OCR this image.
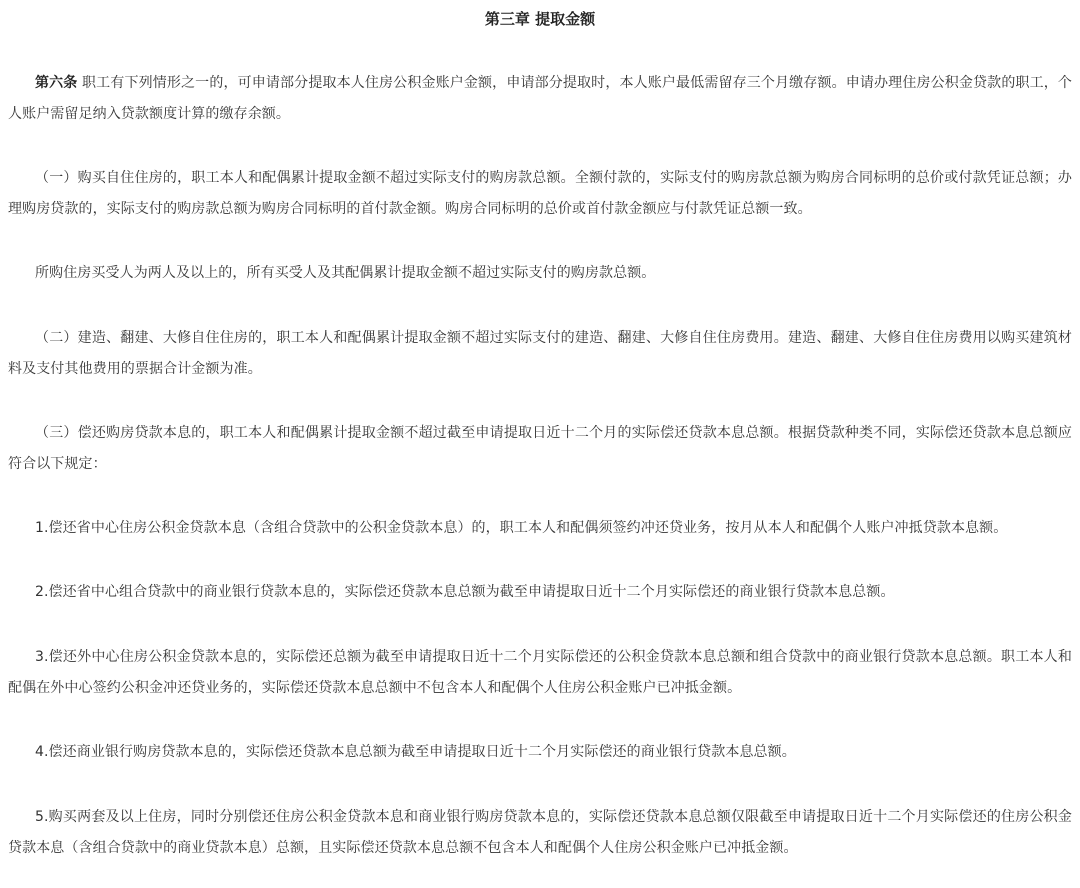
第三章 提取金额

第六条 职工有下列情形之一的，可申请部分提取本人住房公积金账户金额，申请部分提取时，本人账户最低需留存三个月缴存额。申请办理住房公积金贷款的职工，个人账户需留足纳入贷款额度计算的缴存余额。

（一）购买自住住房的，职工本人和配偶累计提取金额不超过实际支付的购房款总额。全额付款的，实际支付的购房款总额为购房合同标明的总价或付款凭证总额；办理购房贷款的，实际支付的购房款总额为购房合同标明的首付款金额。购房合同标明的总价或首付款金额应与付款凭证总额一致。

所购住房买受人为两人及以上的，所有买受人及其配偶累计提取金额不超过实际支付的购房款总额。

（二）建造、翻建、大修自住住房的，职工本人和配偶累计提取金额不超过实际支付的建造、翻建、大修自住住房费用。建造、翻建、大修自住住房费用以购买建筑材料及支付其他费用的票据合计金额为准。

（三）偿还购房贷款本息的，职工本人和配偶累计提取金额不超过截至申请提取日近十二个月的实际偿还贷款本息总额。根据贷款种类不同，实际偿还贷款本息总额应符合以下规定：

1.偿还省中心住房公积金贷款本息（含组合贷款中的公积金贷款本息）的，职工本人和配偶须签约冲还贷业务，按月从本人和配偶个人账户冲抵贷款本息额。

2.偿还省中心组合贷款中的商业银行贷款本息的，实际偿还贷款本息总额为截至申请提取日近十二个月实际偿还的商业银行贷款本息总额。

3.偿还外中心住房公积金贷款本息的，实际偿还总额为截至申请提取日近十二个月实际偿还的公积金贷款本息总额和组合贷款中的商业银行贷款本息总额。职工本人和配偶在外中心签约公积金冲还贷业务的，实际偿还贷款本息总额中不包含本人和配偶个人住房公积金账户已冲抵金额。

4.偿还商业银行购房贷款本息的，实际偿还贷款本息总额为截至申请提取日近十二个月实际偿还的商业银行贷款本息总额。

5.购买两套及以上住房，同时分别偿还住房公积金贷款本息和商业银行购房贷款本息的，实际偿还贷款本息总额仅限截至申请提取日近十二个月实际偿还的住房公积金贷款本息（含组合贷款中的商业贷款本息）总额，且实际偿还贷款本息总额不包含本人和配偶个人住房公积金账户已冲抵金额。
